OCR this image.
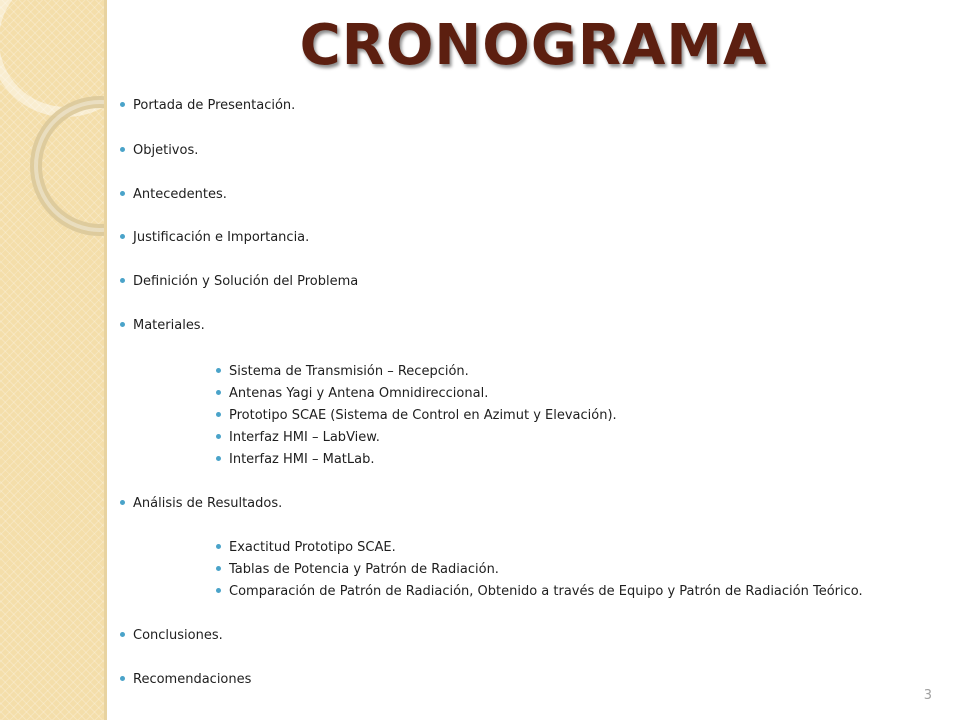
CRONOGRAMA

Portada de Presentación.

Objetivos.

Antecedentes.

Justificación e Importancia.

Definición y Solución del Problema

Materiales.

Sistema de Transmisión – Recepción.

Antenas Yagi y Antena Omnidireccional.

Prototipo SCAE (Sistema de Control en Azimut y Elevación).

Interfaz HMI – LabView.

Interfaz HMI – MatLab.

Análisis de Resultados.

Exactitud Prototipo SCAE.

Tablas de Potencia y Patrón de Radiación.

Comparación de Patrón de Radiación, Obtenido a través de Equipo y Patrón de Radiación Teórico.

Conclusiones.

Recomendaciones

3
